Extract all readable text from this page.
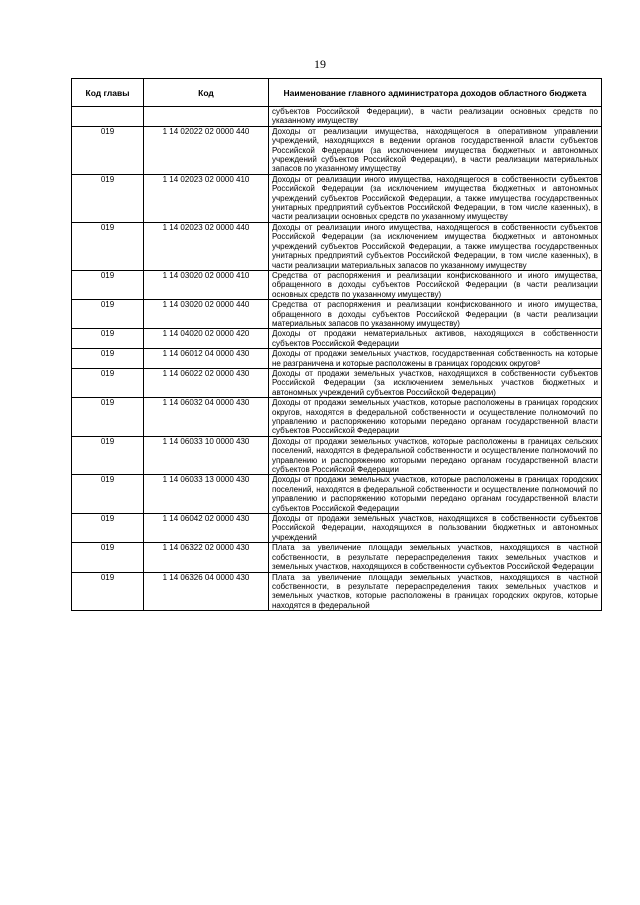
19
Код главы	Код	Наименование главного администратора доходов областного бюджета
		субъектов Российской Федерации), в части реализации основных средств по указанному имуществу
019	1 14 02022 02 0000 440	Доходы от реализации имущества, находящегося в оперативном управлении учреждений, находящихся в ведении органов государственной власти субъектов Российской Федерации (за исключением имущества бюджетных и автономных учреждений субъектов Российской Федерации), в части реализации материальных запасов по указанному имуществу
019	1 14 02023 02 0000 410	Доходы от реализации иного имущества, находящегося в собственности субъектов Российской Федерации (за исключением имущества бюджетных и автономных учреждений субъектов Российской Федерации, а также имущества государственных унитарных предприятий субъектов Российской Федерации, в том числе казенных), в части реализации основных средств по указанному имуществу
019	1 14 02023 02 0000 440	Доходы от реализации иного имущества, находящегося в собственности субъектов Российской Федерации (за исключением имущества бюджетных и автономных учреждений субъектов Российской Федерации, а также имущества государственных унитарных предприятий субъектов Российской Федерации, в том числе казенных), в части реализации материальных запасов по указанному имуществу
019	1 14 03020 02 0000 410	Средства от распоряжения и реализации конфискованного и иного имущества, обращенного в доходы субъектов Российской Федерации (в части реализации основных средств по указанному имуществу)
019	1 14 03020 02 0000 440	Средства от распоряжения и реализации конфискованного и иного имущества, обращенного в доходы субъектов Российской Федерации (в части реализации материальных запасов по указанному имуществу)
019	1 14 04020 02 0000 420	Доходы от продажи нематериальных активов, находящихся в собственности субъектов Российской Федерации
019	1 14 06012 04 0000 430	Доходы от продажи земельных участков, государственная собственность на которые не разграничена и которые расположены в границах городских округов³
019	1 14 06022 02 0000 430	Доходы от продажи земельных участков, находящихся в собственности субъектов Российской Федерации (за исключением земельных участков бюджетных и автономных учреждений субъектов Российской Федерации)
019	1 14 06032 04 0000 430	Доходы от продажи земельных участков, которые расположены в границах городских округов, находятся в федеральной собственности и осуществление полномочий по управлению и распоряжению которыми передано органам государственной власти субъектов Российской Федерации
019	1 14 06033 10 0000 430	Доходы от продажи земельных участков, которые расположены в границах сельских поселений, находятся в федеральной собственности и осуществление полномочий по управлению и распоряжению которыми передано органам государственной власти субъектов Российской Федерации
019	1 14 06033 13 0000 430	Доходы от продажи земельных участков, которые расположены в границах городских поселений, находятся в федеральной собственности и осуществление полномочий по управлению и распоряжению которыми передано органам государственной власти субъектов Российской Федерации
019	1 14 06042 02 0000 430	Доходы от продажи земельных участков, находящихся в собственности субъектов Российской Федерации, находящихся в пользовании бюджетных и автономных учреждений
019	1 14 06322 02 0000 430	Плата за увеличение площади земельных участков, находящихся в частной собственности, в результате перераспределения таких земельных участков и земельных участков, находящихся в собственности субъектов Российской Федерации
019	1 14 06326 04 0000 430	Плата за увеличение площади земельных участков, находящихся в частной собственности, в результате перераспределения таких земельных участков и земельных участков, которые расположены в границах городских округов, которые находятся в федеральной
